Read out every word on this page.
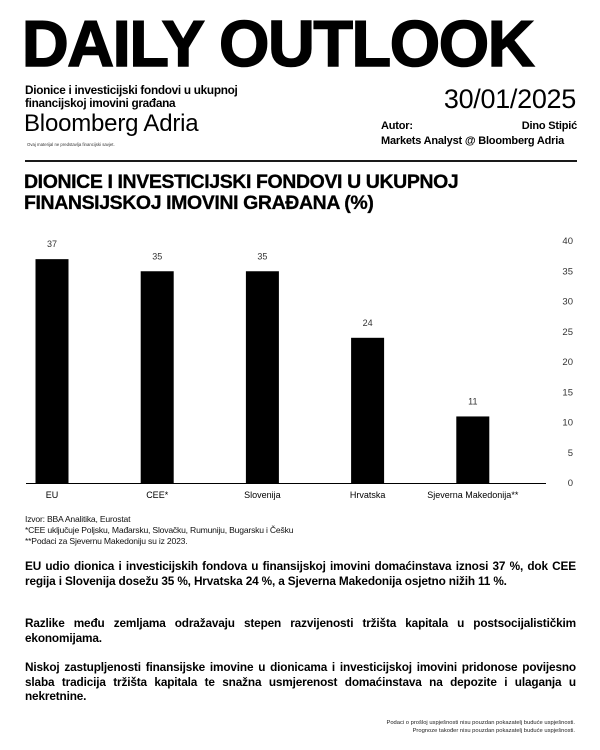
DAILY OUTLOOK
Dionice i investicijski fondovi u ukupnoj financijskoj imovini građana
Bloomberg Adria
Ovaj materijal ne predstavlja financijski savjet.
30/01/2025
Autor:	Dino Stipić
Markets Analyst @ Bloomberg Adria
DIONICE I INVESTICIJSKI FONDOVI U UKUPNOJ FINANSIJSKOJ IMOVINI GRAĐANA (%)
37
35	35
24
11
EU	CEE*	Slovenija	Hrvatska	Sjeverna Makedonija**
0
5
10
15
20
25
30
35
40
Izvor: BBA Analitika, Eurostat
*CEE uključuje Poljsku, Mađarsku, Slovačku, Rumuniju, Bugarsku i Češku
**Podaci za Sjevernu Makedoniju su iz 2023.
EU udio dionica i investicijskih fondova u finansijskoj imovini domaćinstava iznosi 37 %, dok CEE regija i Slovenija dosežu 35 %, Hrvatska 24 %, a Sjeverna Makedonija osjetno nižih 11 %.
Razlike među zemljama odražavaju stepen razvijenosti tržišta kapitala u postsocijalističkim ekonomijama.
Niskoj zastupljenosti finansijske imovine u dionicama i investicijskoj imovini pridonose povijesno slaba tradicija tržišta kapitala te snažna usmjerenost domaćinstava na depozite i ulaganja u nekretnine.
Podaci o prošloj uspješnosti nisu pouzdan pokazatelj buduće uspješnosti.
Prognoze također nisu pouzdan pokazatelj buduće uspješnosti.
